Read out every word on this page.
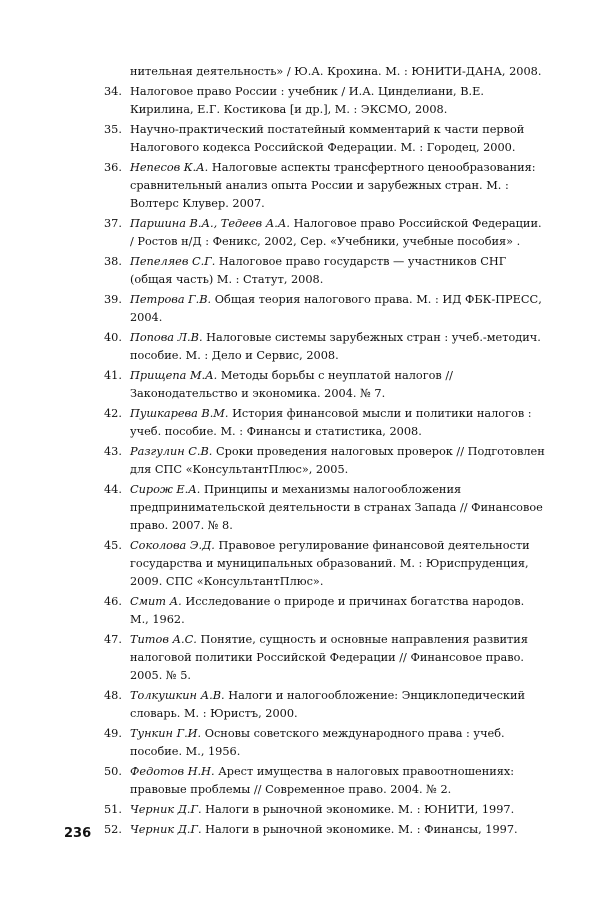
нительная деятельность» / Ю.А. Крохина. М. : ЮНИТИ-ДАНА, 2008.
34. Налоговое право России : учебник / И.А. Цинделиани, В.Е. Кирилина, Е.Г. Костикова [и др.], М. : ЭКСМО, 2008.
35. Научно-практический постатейный комментарий к части первой Налогового кодекса Российской Федерации. М. : Городец, 2000.
36. Непесов К.А. Налоговые аспекты трансфертного ценообразования: сравнительный анализ опыта России и зарубежных стран. М. : Волтерс Клувер. 2007.
37. Паршина В.А., Тедеев А.А. Налоговое право Российской Федерации. / Ростов н/Д : Феникс, 2002, Сер. «Учебники, учебные пособия» .
38. Пепеляев С.Г. Налоговое право государств — участников СНГ (общая часть) М. : Статут, 2008.
39. Петрова Г.В. Общая теория налогового права. М. : ИД ФБК-ПРЕСС, 2004.
40. Попова Л.В. Налоговые системы зарубежных стран : учеб.-методич. пособие. М. : Дело и Сервис, 2008.
41. Прищепа М.А. Методы борьбы с неуплатой налогов // Законодательство и экономика. 2004. № 7.
42. Пушкарева В.М. История финансовой мысли и политики налогов : учеб. пособие. М. : Финансы и статистика, 2008.
43. Разгулин С.В. Сроки проведения налоговых проверок // Подготовлен для СПС «КонсультантПлюс», 2005.
44. Сирож Е.А. Принципы и механизмы налогообложения предпринимательской деятельности в странах Запада // Финансовое право. 2007. № 8.
45. Соколова Э.Д. Правовое регулирование финансовой деятельности государства и муниципальных образований. М. : Юриспруденция, 2009. СПС «КонсультантПлюс».
46. Смит А. Исследование о природе и причинах богатства народов. М., 1962.
47. Титов А.С. Понятие, сущность и основные направления развития налоговой политики Российской Федерации // Финансовое право. 2005. № 5.
48. Толкушкин А.В. Налоги и налогообложение: Энциклопедический словарь. М. : Юристъ, 2000.
49. Тункин Г.И. Основы советского международного права : учеб. пособие. М., 1956.
50. Федотов Н.Н. Арест имущества в налоговых правоотношениях: правовые проблемы // Современное право. 2004. № 2.
51. Черник Д.Г. Налоги в рыночной экономике. М. : ЮНИТИ, 1997.
52. Черник Д.Г. Налоги в рыночной экономике. М. : Финансы, 1997.
236
